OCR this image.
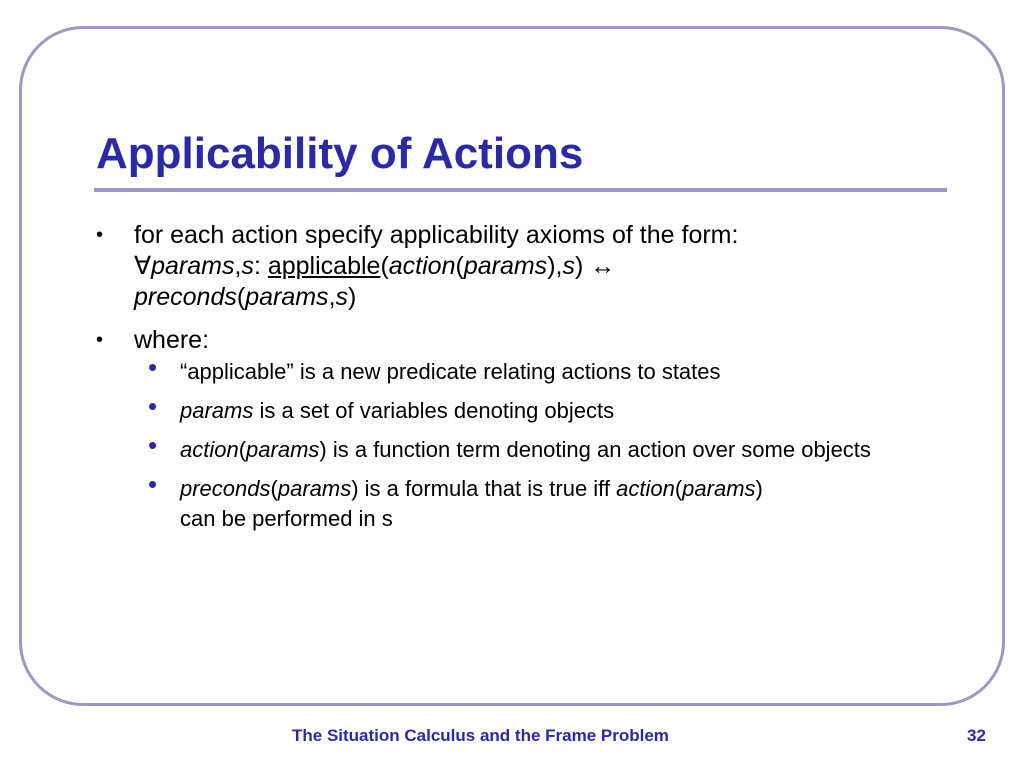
Applicability of Actions
• for each action specify applicability axioms of the form:
∀params,s: applicable(action(params),s) ↔
preconds(params,s)
• where:
• “applicable” is a new predicate relating actions to states
• params is a set of variables denoting objects
• action(params) is a function term denoting an action over some objects
• preconds(params) is a formula that is true iff action(params)
can be performed in s
The Situation Calculus and the Frame Problem	32
